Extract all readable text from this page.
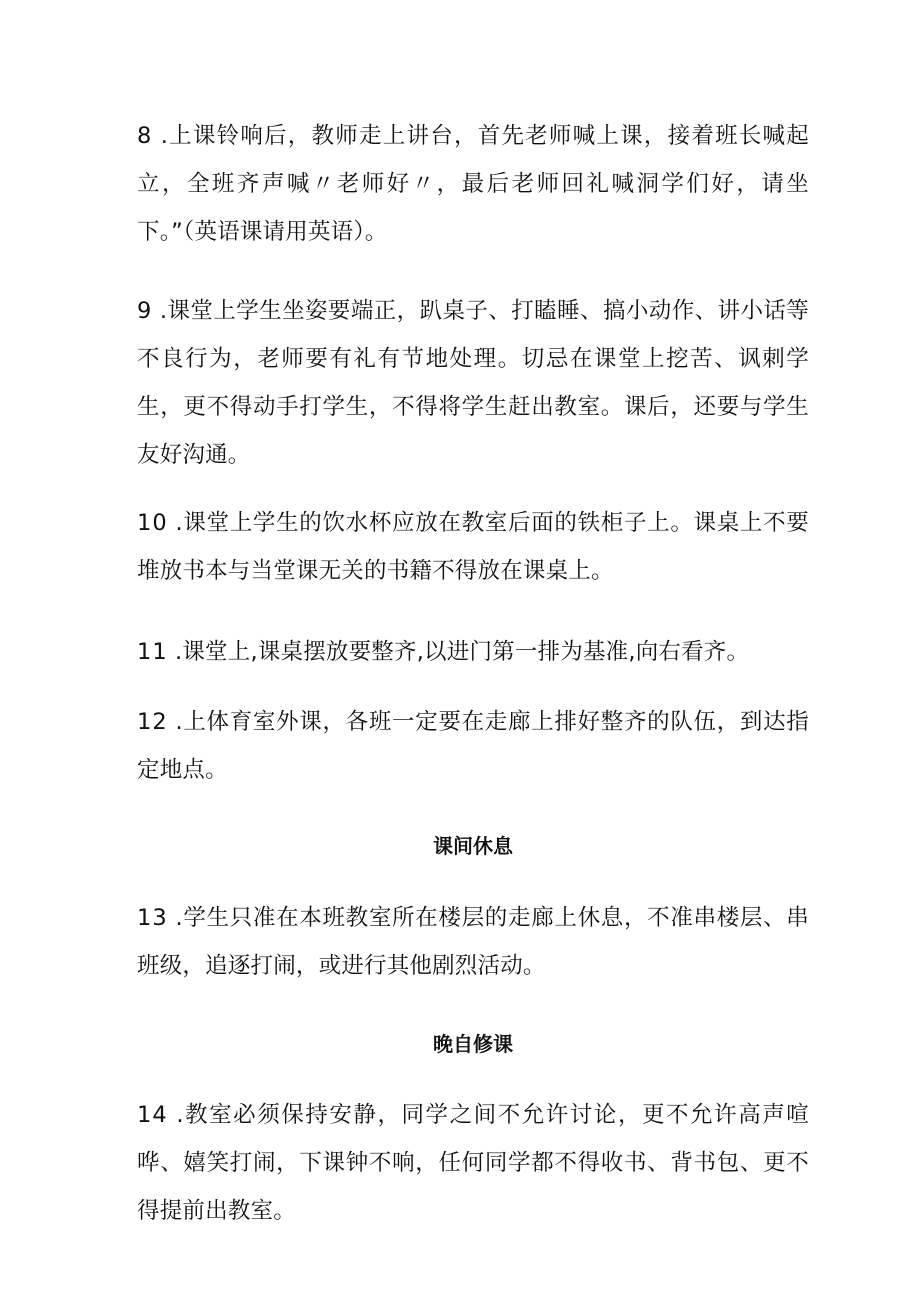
8 .上课铃响后，教师走上讲台，首先老师喊上课，接着班长喊起立，全班齐声喊〃老师好〃，最后老师回礼喊洞学们好，请坐下。”（英语课请用英语）。

9 .课堂上学生坐姿要端正，趴桌子、打瞌睡、搞小动作、讲小话等不良行为，老师要有礼有节地处理。切忌在课堂上挖苦、讽刺学生，更不得动手打学生，不得将学生赶出教室。课后，还要与学生友好沟通。

10 .课堂上学生的饮水杯应放在教室后面的铁柜子上。课桌上不要堆放书本与当堂课无关的书籍不得放在课桌上。

11 .课堂上,课桌摆放要整齐,以进门第一排为基准,向右看齐。

12 .上体育室外课，各班一定要在走廊上排好整齐的队伍，到达指定地点。

课间休息

13 .学生只准在本班教室所在楼层的走廊上休息，不准串楼层、串班级，追逐打闹，或进行其他剧烈活动。

晚自修课

14 .教室必须保持安静，同学之间不允许讨论，更不允许高声喧哗、嬉笑打闹，下课钟不响，任何同学都不得收书、背书包、更不得提前出教室。
